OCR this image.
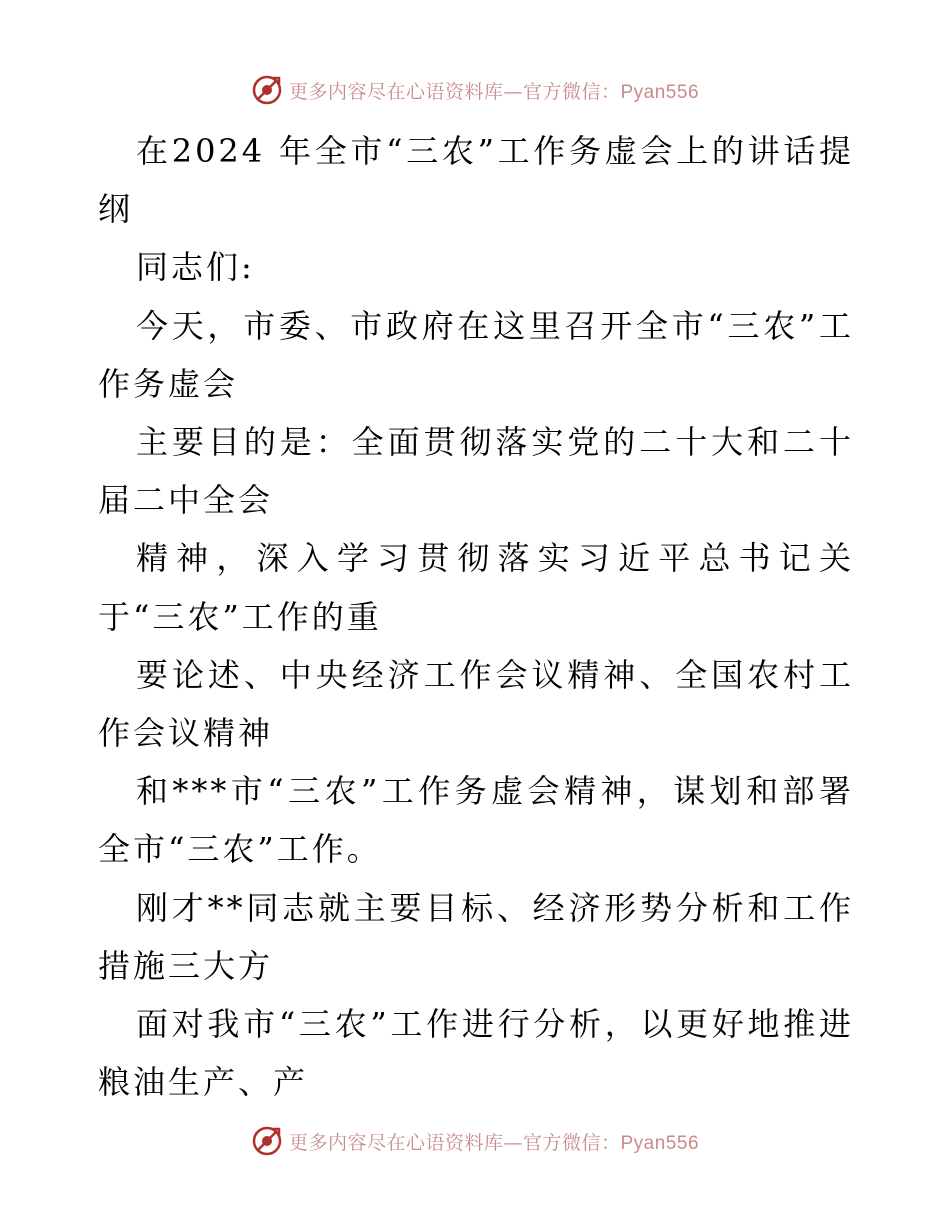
更多内容尽在心语资料库—官方微信：Pyan556

在2024 年全市“三农”工作务虚会上的讲话提纲

同志们:

今天，市委、市政府在这里召开全市“三农”工作务虚会

主要目的是：全面贯彻落实党的二十大和二十届二中全会

精神，深入学习贯彻落实习近平总书记关于“三农”工作的重

要论述、中央经济工作会议精神、全国农村工作会议精神

和***市“三农”工作务虚会精神，谋划和部署全市“三农”工作。

刚才**同志就主要目标、经济形势分析和工作措施三大方

面对我市“三农”工作进行分析，以更好地推进粮油生产、产

更多内容尽在心语资料库—官方微信：Pyan556
